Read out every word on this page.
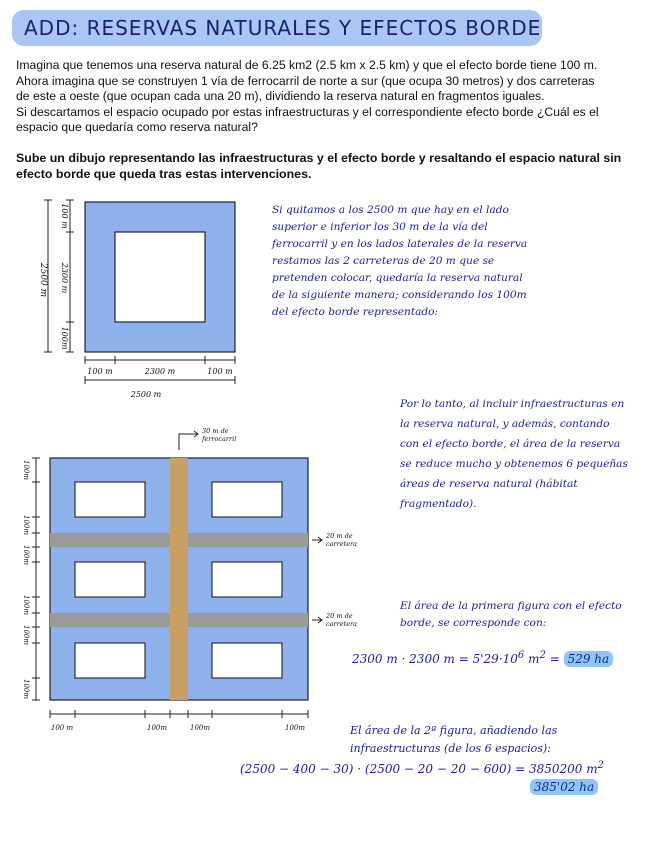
ADD: RESERVAS NATURALES Y EFECTOS BORDE

Imagina que tenemos una reserva natural de 6.25 km2 (2.5 km x 2.5 km) y que el efecto borde tiene 100 m.

Ahora imagina que se construyen 1 vía de ferrocarril de norte a sur (que ocupa 30 metros) y dos carreteras

de este a oeste (que ocupan cada una 20 m), dividiendo la reserva natural en fragmentos iguales.

Si descartamos el espacio ocupado por estas infraestructuras y el correspondiente efecto borde ¿Cuál es el

espacio que quedaría como reserva natural?

Sube un dibujo representando las infraestructuras y el efecto borde y resaltando el espacio natural sin efecto borde que queda tras estas intervenciones.
2500 m
100 m
2300 m
100m
100 m	2300 m	100 m
2500 m
30 m de
ferrocarril
20 m de
carretera
20 m de
carretera
100m
100m
100m
100m
100m
100m
100 m	100m	100m	100m
Si quitamos a los 2500 m que hay en el lado superior e inferior los 30 m de la vía del ferrocarril y en los lados laterales de la reserva restamos las 2 carreteras de 20 m que se pretenden colocar, quedaría la reserva natural de la siguiente manera; considerando los 100m del efecto borde representado:
Por lo tanto, al incluir infraestructuras en la reserva natural, y además, contando con el efecto borde, el área de la reserva se reduce mucho y obtenemos 6 pequeñas áreas de reserva natural (hábitat fragmentado).
El área de la primera figura con el efecto borde, se corresponde con:
2300 m · 2300 $m = 5'29\cdot 10^6$ $m^2 = 529$ ha
El área de la 2ª figura, añadiendo las infraestructuras (de los 6 espacios):
(2500 − 400 − 30) · (2500 − 20 − 20 − 600) = 3850200 $m^2$
385'02 ha
